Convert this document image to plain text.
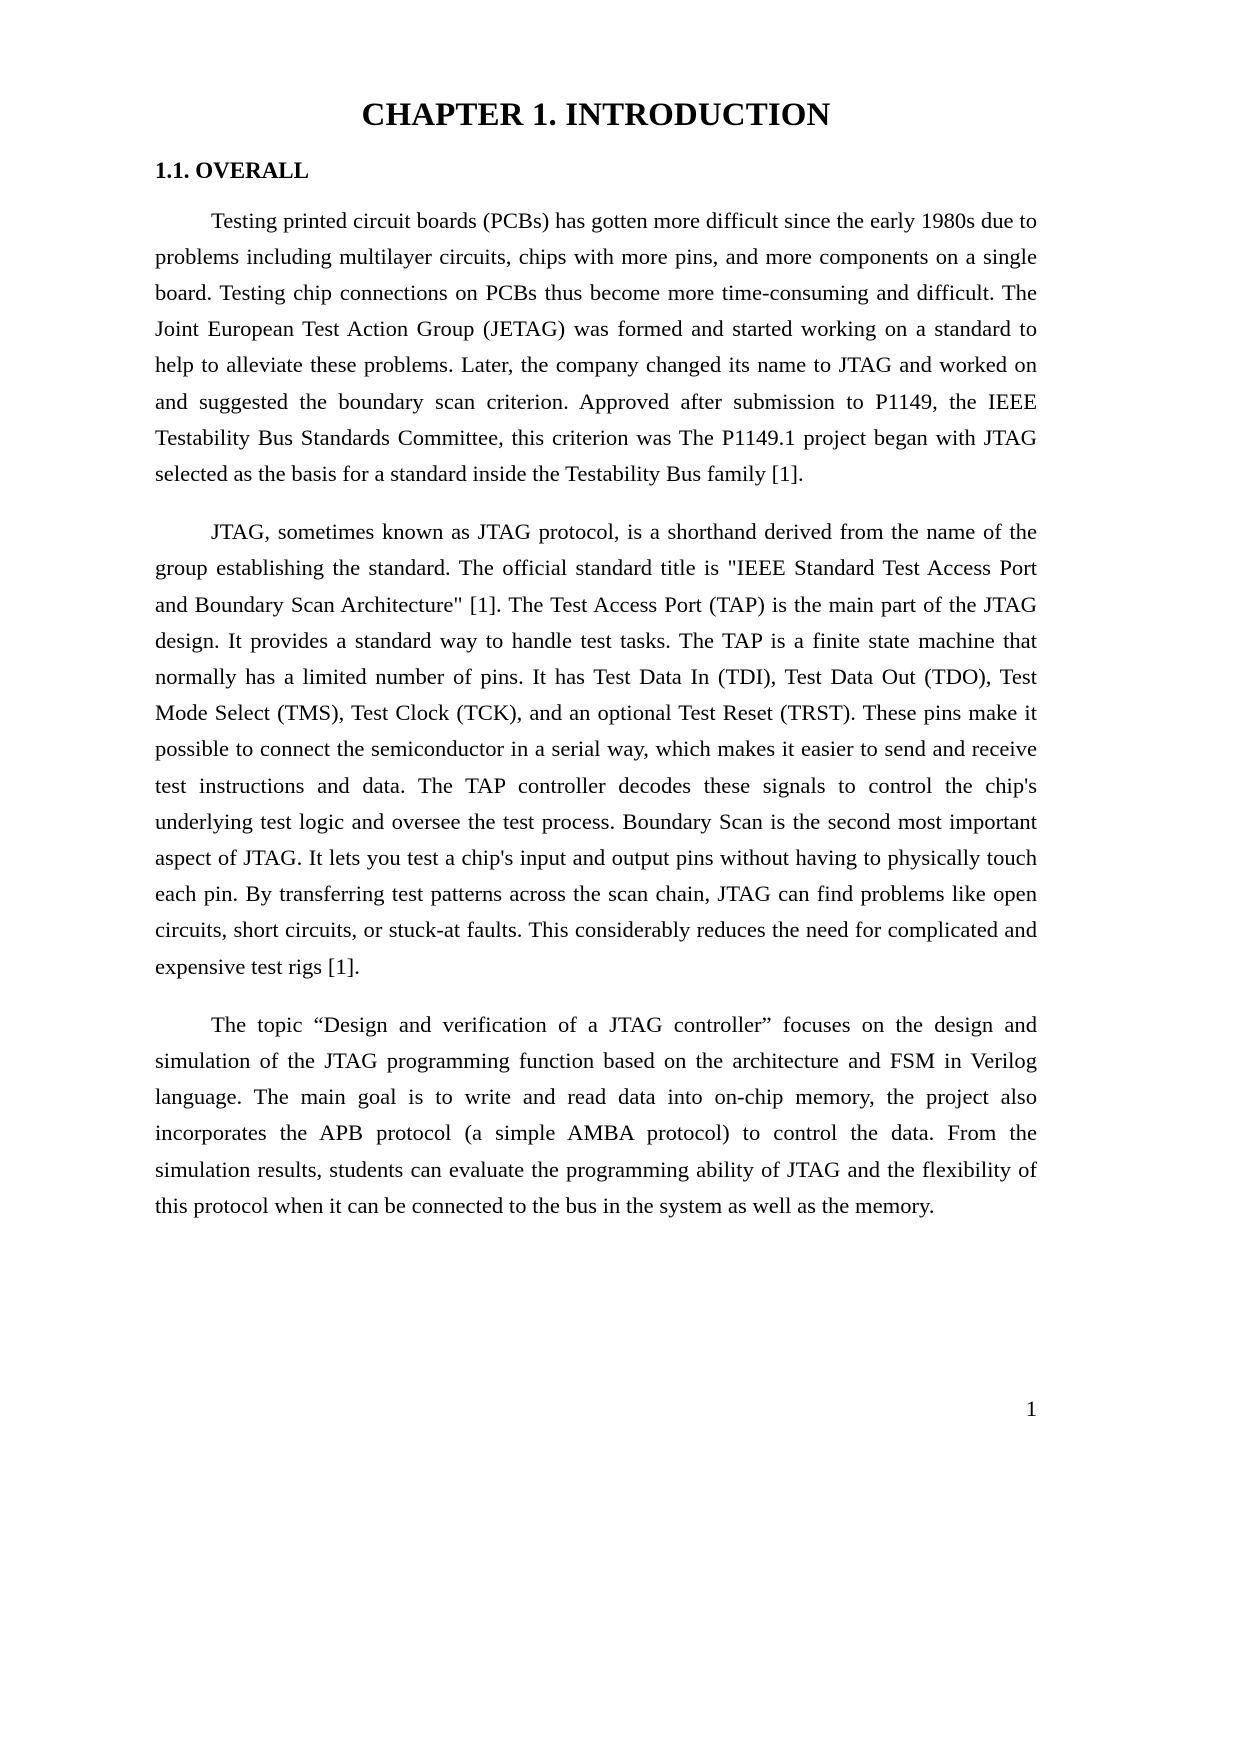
CHAPTER 1. INTRODUCTION
1.1. OVERALL

Testing printed circuit boards (PCBs) has gotten more difficult since the early 1980s due to problems including multilayer circuits, chips with more pins, and more components on a single board. Testing chip connections on PCBs thus become more time-consuming and difficult. The Joint European Test Action Group (JETAG) was formed and started working on a standard to help to alleviate these problems. Later, the company changed its name to JTAG and worked on and suggested the boundary scan criterion. Approved after submission to P1149, the IEEE Testability Bus Standards Committee, this criterion was The P1149.1 project began with JTAG selected as the basis for a standard inside the Testability Bus family [1].

JTAG, sometimes known as JTAG protocol, is a shorthand derived from the name of the group establishing the standard. The official standard title is "IEEE Standard Test Access Port and Boundary Scan Architecture" [1]. The Test Access Port (TAP) is the main part of the JTAG design. It provides a standard way to handle test tasks. The TAP is a finite state machine that normally has a limited number of pins. It has Test Data In (TDI), Test Data Out (TDO), Test Mode Select (TMS), Test Clock (TCK), and an optional Test Reset (TRST). These pins make it possible to connect the semiconductor in a serial way, which makes it easier to send and receive test instructions and data. The TAP controller decodes these signals to control the chip's underlying test logic and oversee the test process. Boundary Scan is the second most important aspect of JTAG. It lets you test a chip's input and output pins without having to physically touch each pin. By transferring test patterns across the scan chain, JTAG can find problems like open circuits, short circuits, or stuck-at faults. This considerably reduces the need for complicated and expensive test rigs [1].

The topic “Design and verification of a JTAG controller” focuses on the design and simulation of the JTAG programming function based on the architecture and FSM in Verilog language. The main goal is to write and read data into on-chip memory, the project also incorporates the APB protocol (a simple AMBA protocol) to control the data. From the simulation results, students can evaluate the programming ability of JTAG and the flexibility of this protocol when it can be connected to the bus in the system as well as the memory.

1
